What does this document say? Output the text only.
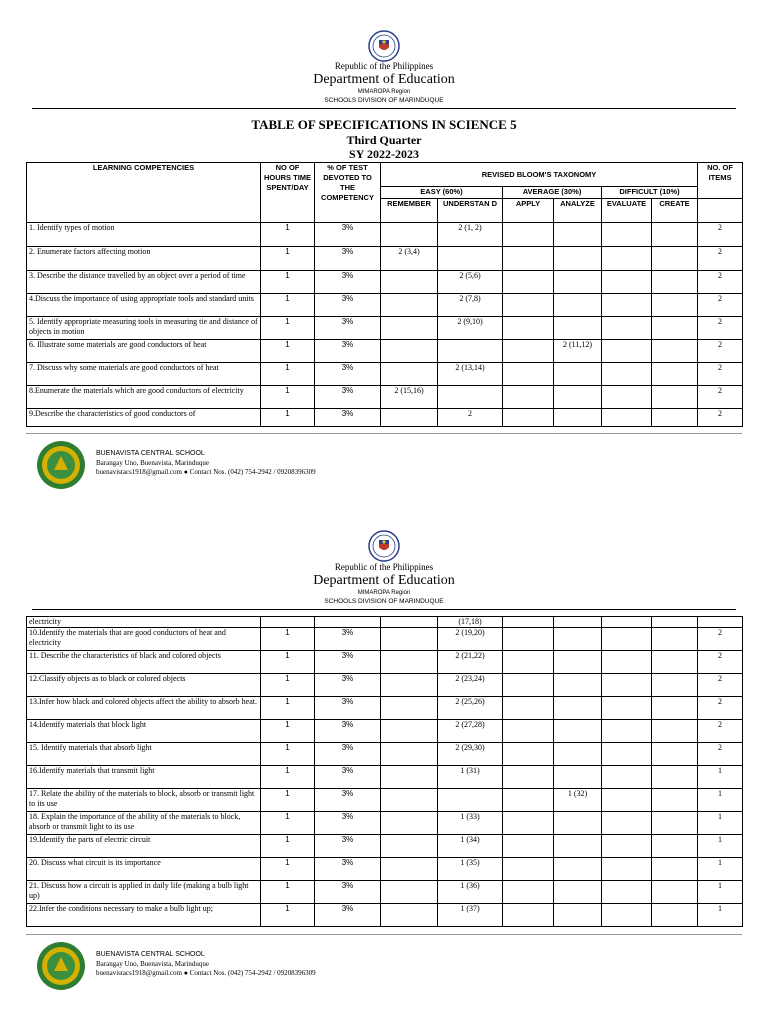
Republic of the Philippines
Department of Education
MIMAROPA Region
SCHOOLS DIVISION OF MARINDUQUE
TABLE OF SPECIFICATIONS IN SCIENCE 5
Third Quarter
SY 2022-2023
LEARNING COMPETENCIES	NO OF HOURS TIME SPENT/DAY	% OF TEST DEVOTED TO THE COMPETENCY	REVISED BLOOM'S TAXONOMY						NO. OF ITEMS
			EASY (60%)		AVERAGE (30%)		DIFFICULT (10%)		
			REMEMBER	UNDERSTAN D	APPLY	ANALYZE	EVALUATE	CREATE	
1. Identify types of motion	1	3%		2 (1, 2)					2
2. Enumerate factors affecting motion	1	3%	2 (3,4)						2
3. Describe the distance travelled by an object over a period of time	1	3%		2 (5,6)					2
4.Discuss the importance of using appropriate tools and standard units	1	3%		2 (7,8)					2
5. Identify appropriate measuring tools in measuring tie and distance of objects in motion	1	3%		2 (9,10)					2
6. Illustrate some materials are good conductors of heat	1	3%				2 (11,12)			2
7. Discuss why some materials are good conductors of heat	1	3%		2 (13,14)					2
8.Enumerate the materials which are good conductors of electricity	1	3%	2 (15,16)						2
9.Describe the characteristics of good conductors of	1	3%		2					2
BUENAVISTA CENTRAL SCHOOL
Barangay Uno, Buenavista, Marinduque
buenavistacs1918@gmail.com ● Contact Nos. (042) 754-2942 / 09208396309
Republic of the Philippines
Department of Education
MIMAROPA Region
SCHOOLS DIVISION OF MARINDUQUE
electricity				(17,18)					
10.Identify the materials that are good conductors of heat and electricity	1	3%		2 (19,20)					2
11. Describe the characteristics of black and colored objects	1	3%		2 (21,22)					2
12.Classify objects as to black or colored objects	1	3%		2 (23,24)					2
13.Infer how black and colored objects affect the ability to absorb heat.	1	3%		2 (25,26)					2
14.Identify materials that block light	1	3%		2 (27,28)					2
15. Identify materials that absorb light	1	3%		2 (29,30)					2
16.Identify materials that transmit light	1	3%		1 (31)					1
17. Relate the ability of the materials to block, absorb or transmit light to its use	1	3%				1 (32)			1
18. Explain the importance of the ability of the materials to block, absorb or transmit light to its use	1	3%		1 (33)					1
19.Identify the parts of electric circuit	1	3%		1 (34)					1
20. Discuss what circuit is its importance	1	3%		1 (35)					1
21. Discuss how a circuit is applied in daily life (making a bulb light up)	1	3%		1 (36)					1
22.Infer the conditions necessary to make a bulb light up;	1	3%		1 (37)					1
BUENAVISTA CENTRAL SCHOOL
Barangay Uno, Buenavista, Marinduque
buenavistacs1918@gmail.com ● Contact Nos. (042) 754-2942 / 09208396309
